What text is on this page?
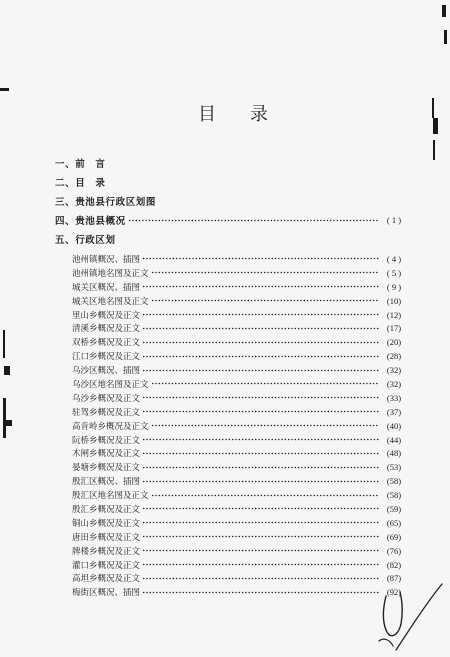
目　录
一、前　言
二、目　录
三、贵池县行政区划图
四、贵池县概况	( 1 )
五、行政区划
池州镇概况、插图	( 4 )
池州镇地名图及正文	( 5 )
城关区概况、插图	( 9 )
城关区地名图及正文	(10)
里山乡概况及正文	(12)
清溪乡概况及正文	(17)
双桥乡概况及正文	(20)
江口乡概况及正文	(28)
乌沙区概况、插图	(32)
乌沙区地名图及正文	(32)
乌沙乡概况及正文	(33)
驻驾乡概况及正文	(37)
高肯岭乡概况及正文	(40)
阮桥乡概况及正文	(44)
木闸乡概况及正文	(48)
晏塘乡概况及正文	(53)
殷汇区概况、插图	(58)
殷汇区地名图及正文	(58)
殷汇乡概况及正文	(59)
铜山乡概况及正文	(65)
唐田乡概况及正文	(69)
牌楼乡概况及正文	(76)
灌口乡概况及正文	(82)
高坦乡概况及正文	(87)
梅街区概况、插图	(92)
